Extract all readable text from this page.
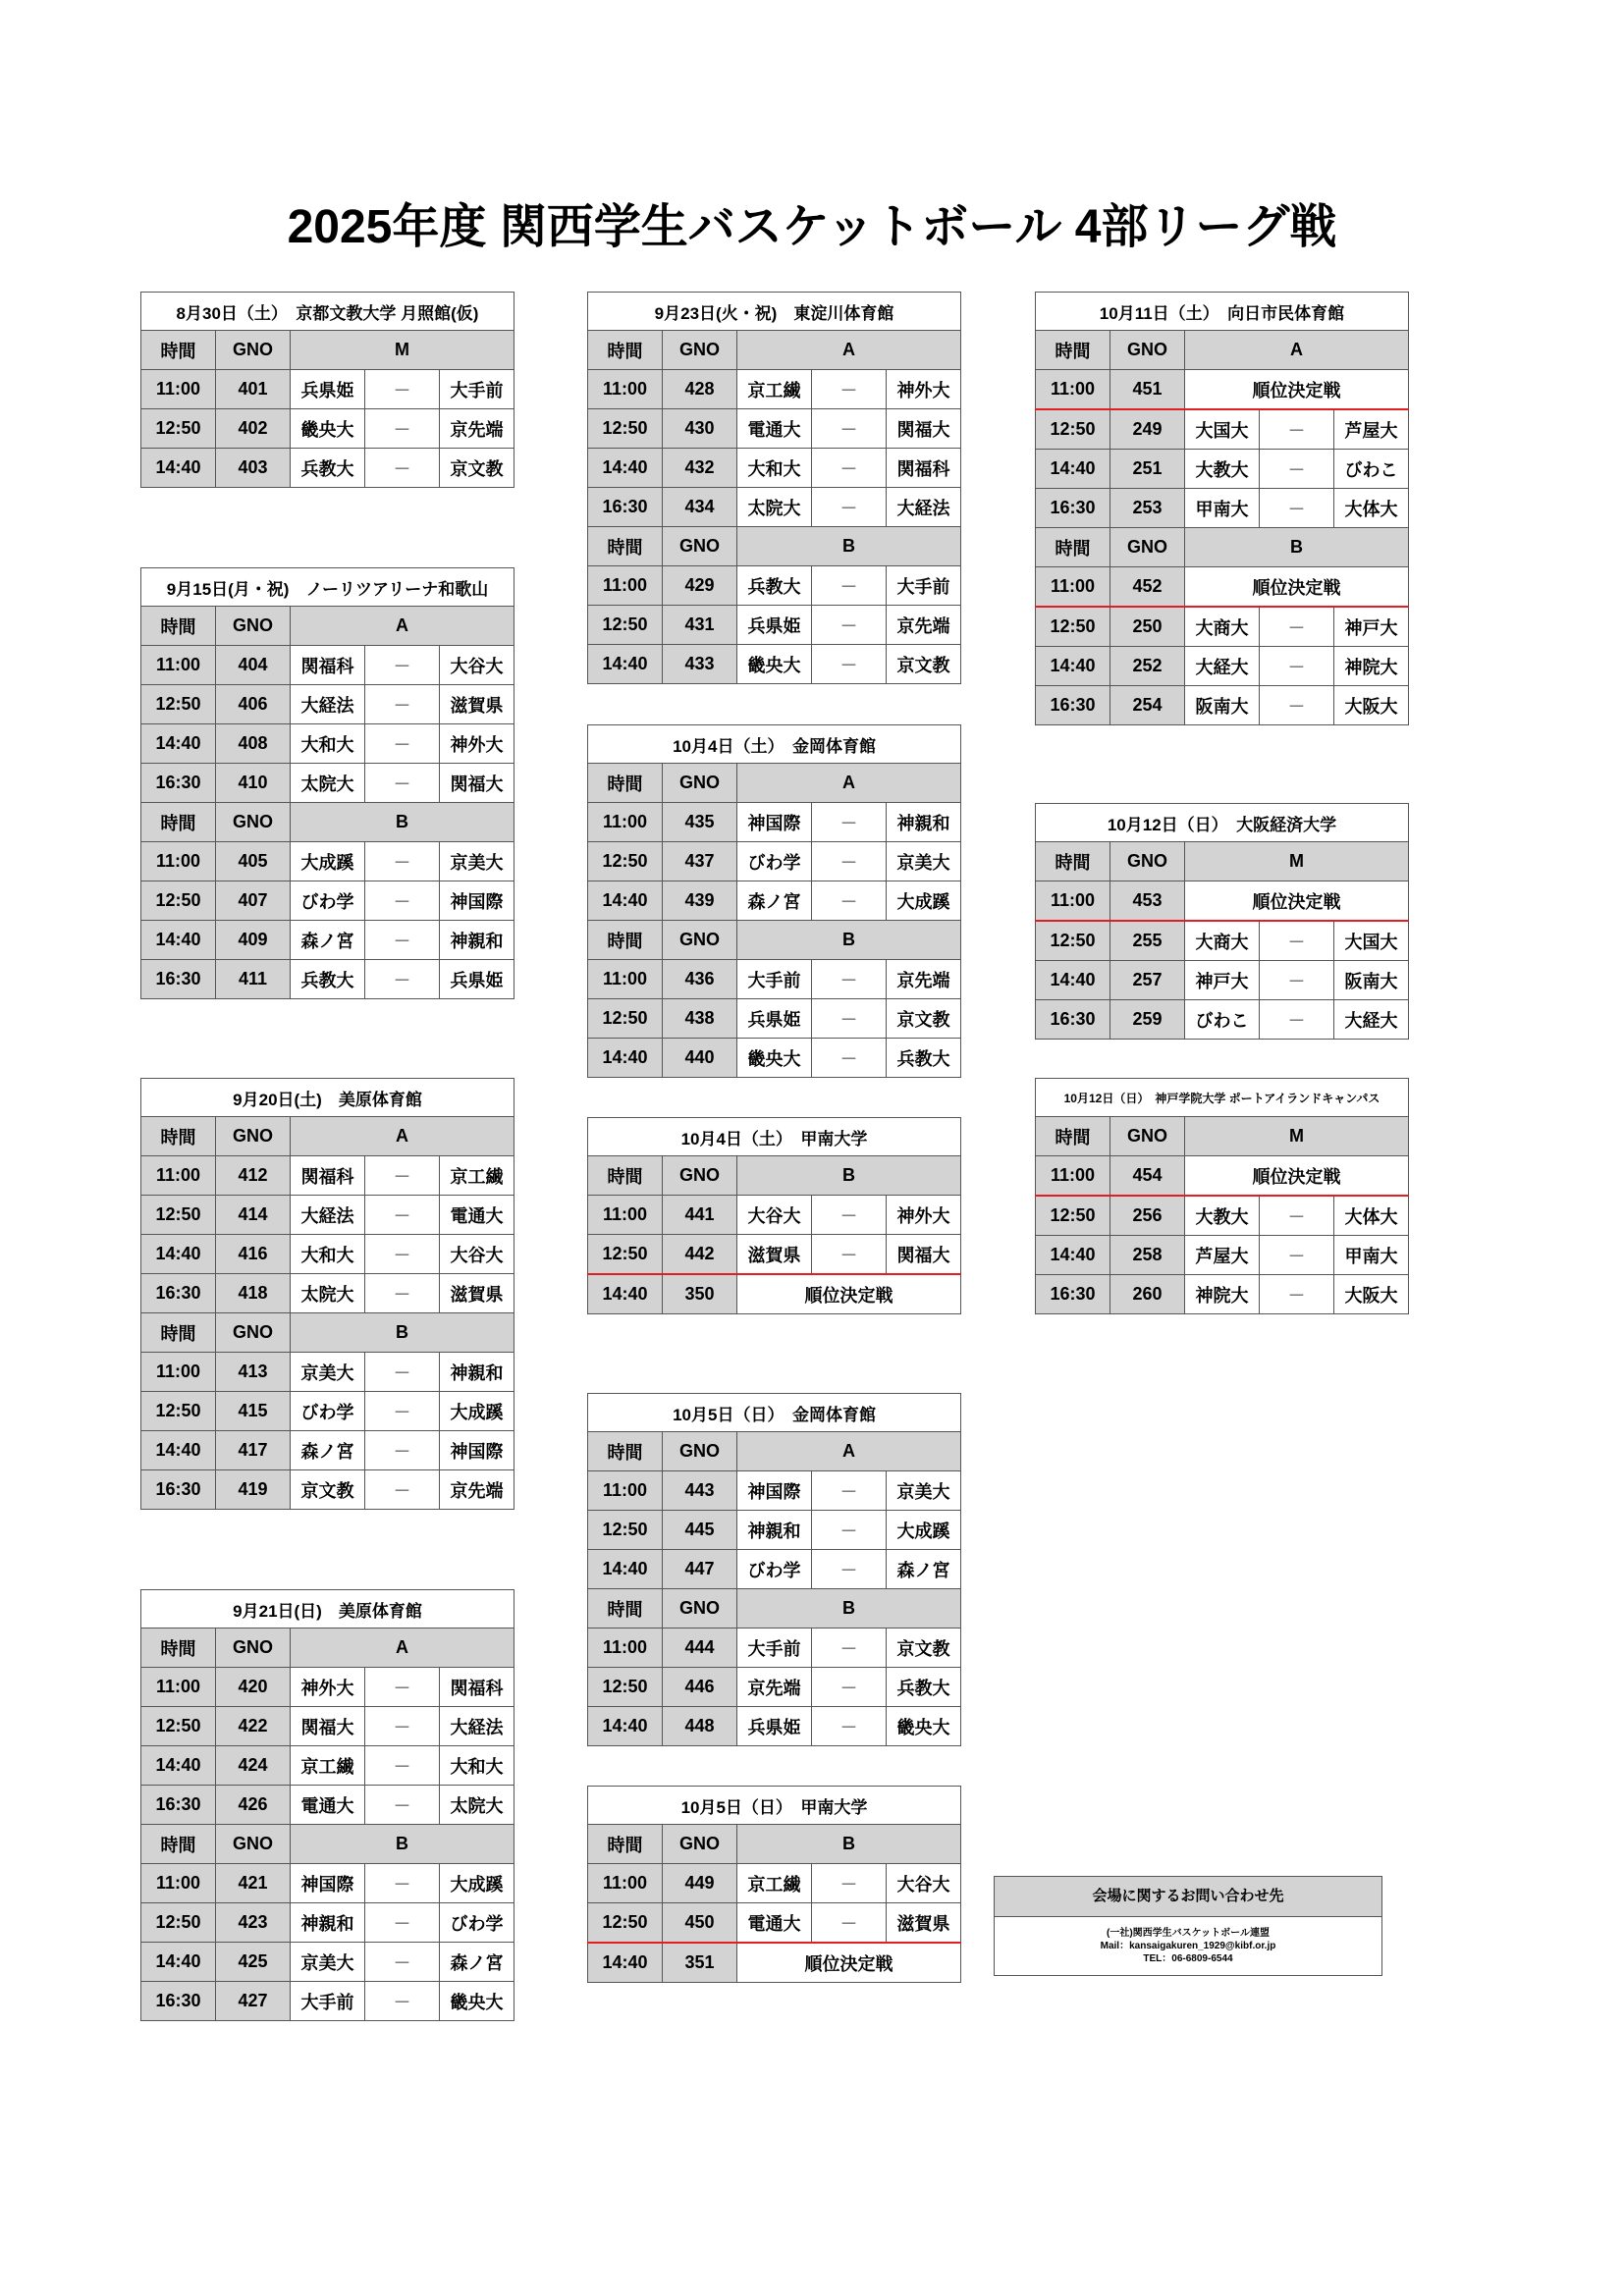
2025年度 関西学生バスケットボール 4部リーグ戦
8月30日（土）　京都文教大学 月照館(仮)				
時間	GNO	M		
11:00	401	兵県姫	－	大手前
12:50	402	畿央大	－	京先端
14:40	403	兵教大	－	京文教
9月15日(月・祝)　ノーリツアリーナ和歌山				
時間	GNO	A		
11:00	404	関福科	－	大谷大
12:50	406	大経法	－	滋賀県
14:40	408	大和大	－	神外大
16:30	410	太院大	－	関福大
時間	GNO	B		
11:00	405	大成蹊	－	京美大
12:50	407	びわ学	－	神国際
14:40	409	森ノ宮	－	神親和
16:30	411	兵教大	－	兵県姫
9月20日(土)　美原体育館				
時間	GNO	A		
11:00	412	関福科	－	京工繊
12:50	414	大経法	－	電通大
14:40	416	大和大	－	大谷大
16:30	418	太院大	－	滋賀県
時間	GNO	B		
11:00	413	京美大	－	神親和
12:50	415	びわ学	－	大成蹊
14:40	417	森ノ宮	－	神国際
16:30	419	京文教	－	京先端
9月21日(日)　美原体育館				
時間	GNO	A		
11:00	420	神外大	－	関福科
12:50	422	関福大	－	大経法
14:40	424	京工繊	－	大和大
16:30	426	電通大	－	太院大
時間	GNO	B		
11:00	421	神国際	－	大成蹊
12:50	423	神親和	－	びわ学
14:40	425	京美大	－	森ノ宮
16:30	427	大手前	－	畿央大
9月23日(火・祝)　東淀川体育館				
時間	GNO	A		
11:00	428	京工繊	－	神外大
12:50	430	電通大	－	関福大
14:40	432	大和大	－	関福科
16:30	434	太院大	－	大経法
時間	GNO	B		
11:00	429	兵教大	－	大手前
12:50	431	兵県姫	－	京先端
14:40	433	畿央大	－	京文教
10月4日（土）　金岡体育館				
時間	GNO	A		
11:00	435	神国際	－	神親和
12:50	437	びわ学	－	京美大
14:40	439	森ノ宮	－	大成蹊
時間	GNO	B		
11:00	436	大手前	－	京先端
12:50	438	兵県姫	－	京文教
14:40	440	畿央大	－	兵教大
10月4日（土）　甲南大学				
時間	GNO	B		
11:00	441	大谷大	－	神外大
12:50	442	滋賀県	－	関福大
14:40	350	順位決定戦		
10月5日（日）　金岡体育館				
時間	GNO	A		
11:00	443	神国際	－	京美大
12:50	445	神親和	－	大成蹊
14:40	447	びわ学	－	森ノ宮
時間	GNO	B		
11:00	444	大手前	－	京文教
12:50	446	京先端	－	兵教大
14:40	448	兵県姫	－	畿央大
10月5日（日）　甲南大学				
時間	GNO	B		
11:00	449	京工繊	－	大谷大
12:50	450	電通大	－	滋賀県
14:40	351	順位決定戦		
10月11日（土）　向日市民体育館				
時間	GNO	A		
11:00	451	順位決定戦		
12:50	249	大国大	－	芦屋大
14:40	251	大教大	－	びわこ
16:30	253	甲南大	－	大体大
時間	GNO	B		
11:00	452	順位決定戦		
12:50	250	大商大	－	神戸大
14:40	252	大経大	－	神院大
16:30	254	阪南大	－	大阪大
10月12日（日）　大阪経済大学				
時間	GNO	M		
11:00	453	順位決定戦		
12:50	255	大商大	－	大国大
14:40	257	神戸大	－	阪南大
16:30	259	びわこ	－	大経大
10月12日（日）　神戸学院大学 ポートアイランドキャンパス				
時間	GNO	M		
11:00	454	順位決定戦		
12:50	256	大教大	－	大体大
14:40	258	芦屋大	－	甲南大
16:30	260	神院大	－	大阪大
会場に関するお問い合わせ先
(一社)関西学生バスケットボール連盟
Mail：kansaigakuren_1929@kibf.or.jp
TEL：06-6809-6544
